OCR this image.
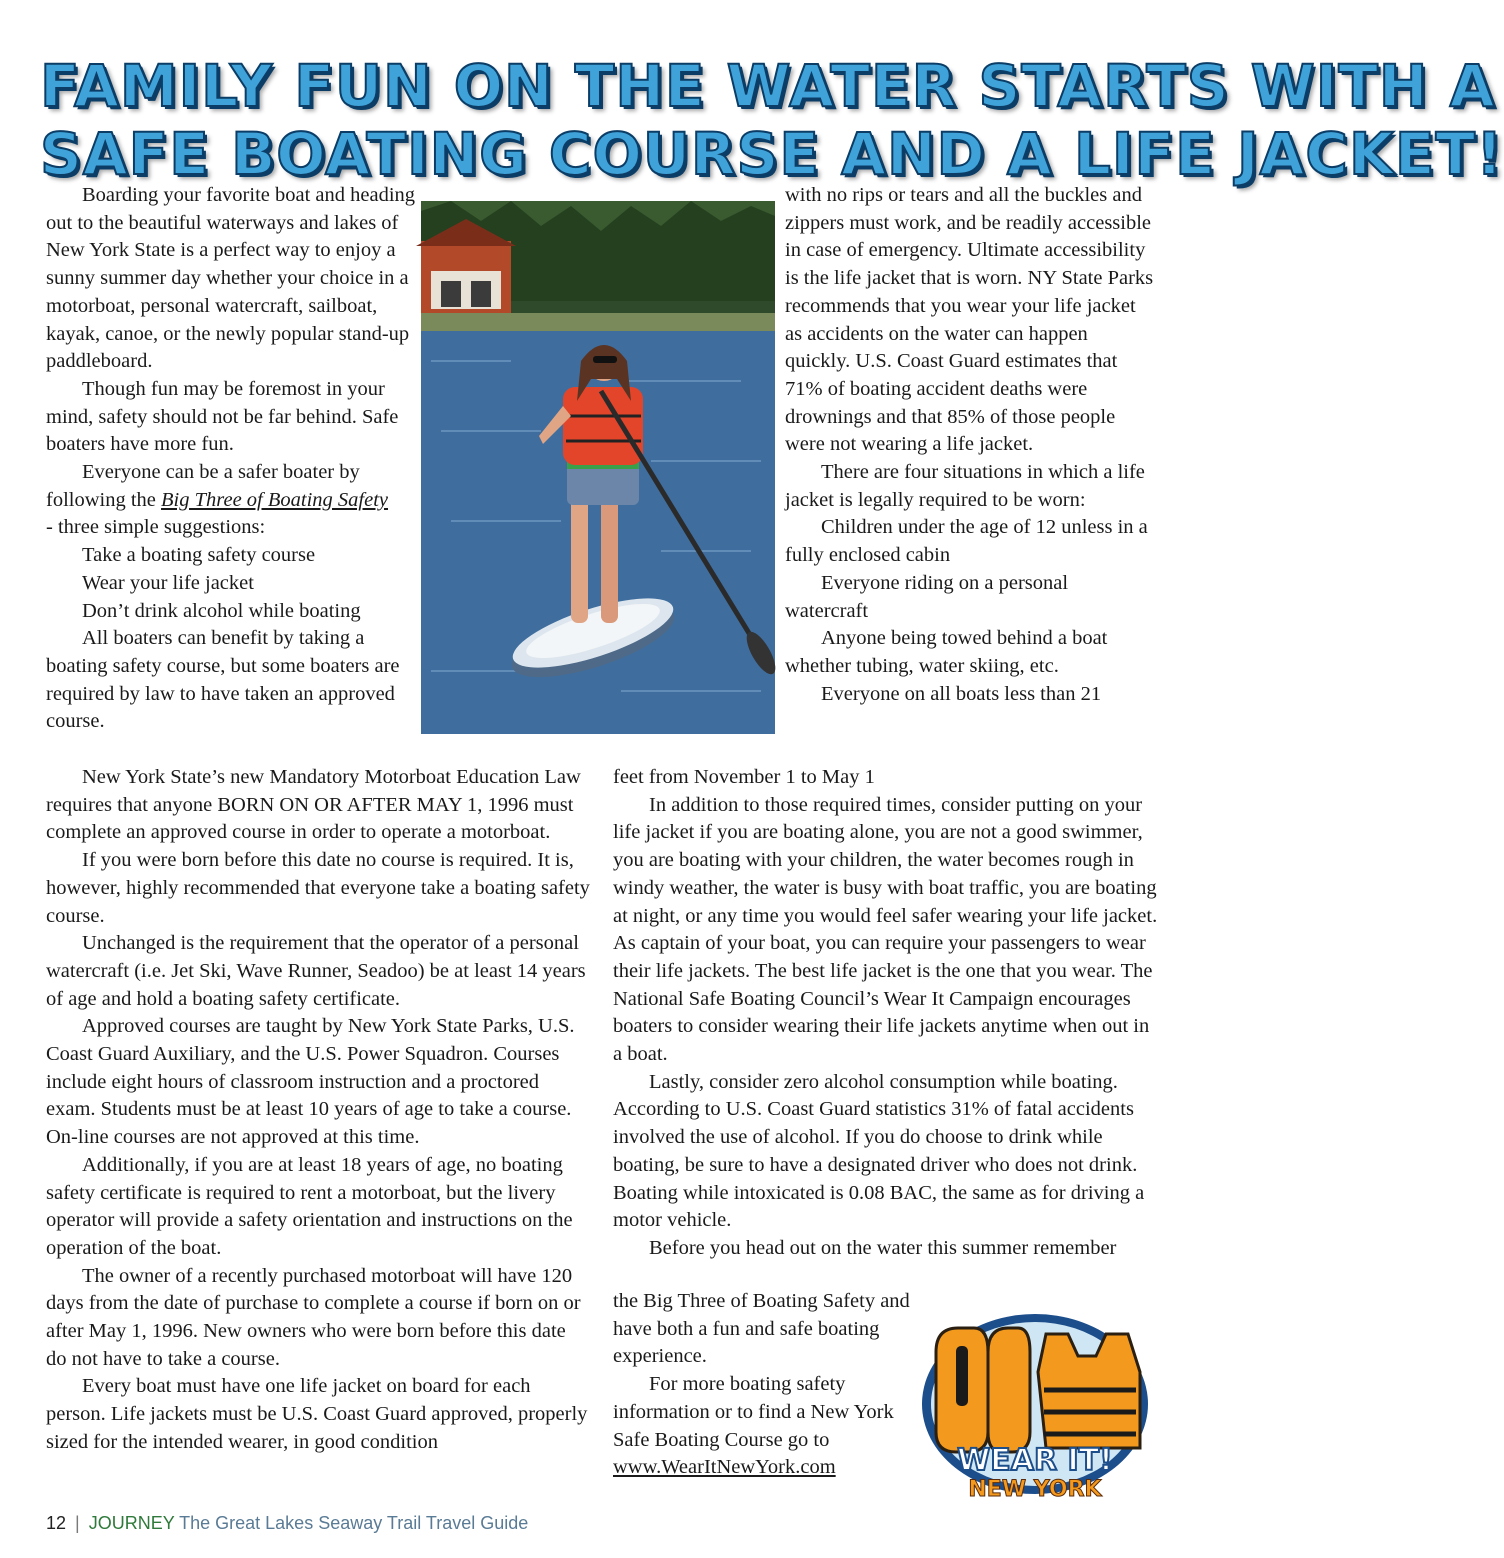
FAMILY FUN ON THE WATER STARTS WITH A
SAFE BOATING COURSE AND A LIFE JACKET!

Boarding your favorite boat and heading out to the beautiful waterways and lakes of New York State is a perfect way to enjoy a sunny summer day whether your choice in a motorboat, personal watercraft, sailboat, kayak, canoe, or the newly popular stand-up paddleboard.

Though fun may be foremost in your mind, safety should not be far behind. Safe boaters have more fun.

Everyone can be a safer boater by following the Big Three of Boating Safety

- three simple suggestions:

Take a boating safety course

Wear your life jacket

Don’t drink alcohol while boating

All boaters can benefit by taking a boating safety course, but some boaters are required by law to have taken an approved course.

with no rips or tears and all the buckles and zippers must work, and be readily accessible in case of emergency. Ultimate accessibility is the life jacket that is worn. NY State Parks recommends that you wear your life jacket as accidents on the water can happen quickly. U.S. Coast Guard estimates that 71% of boating accident deaths were drownings and that 85% of those people were not wearing a life jacket.

There are four situations in which a life jacket is legally required to be worn:

Children under the age of 12 unless in a fully enclosed cabin

Everyone riding on a personal watercraft

Anyone being towed behind a boat whether tubing, water skiing, etc.

Everyone on all boats less than 21

New York State’s new Mandatory Motorboat Education Law requires that anyone BORN ON OR AFTER MAY 1, 1996 must complete an approved course in order to operate a motorboat.

If you were born before this date no course is required. It is, however, highly recommended that everyone take a boating safety course.

Unchanged is the requirement that the operator of a personal watercraft (i.e. Jet Ski, Wave Runner, Seadoo) be at least 14 years of age and hold a boating safety certificate.

Approved courses are taught by New York State Parks, U.S. Coast Guard Auxiliary, and the U.S. Power Squadron. Courses include eight hours of classroom instruction and a proctored exam. Students must be at least 10 years of age to take a course. On-line courses are not approved at this time.

Additionally, if you are at least 18 years of age, no boating safety certificate is required to rent a motorboat, but the livery operator will provide a safety orientation and instructions on the operation of the boat.

The owner of a recently purchased motorboat will have 120 days from the date of purchase to complete a course if born on or after May 1, 1996. New owners who were born before this date do not have to take a course.

Every boat must have one life jacket on board for each person. Life jackets must be U.S. Coast Guard approved, properly sized for the intended wearer, in good condition

feet from November 1 to May 1

In addition to those required times, consider putting on your life jacket if you are boating alone, you are not a good swimmer, you are boating with your children, the water becomes rough in windy weather, the water is busy with boat traffic, you are boating at night, or any time you would feel safer wearing your life jacket. As captain of your boat, you can require your passengers to wear their life jackets. The best life jacket is the one that you wear. The National Safe Boating Council’s Wear It Campaign encourages boaters to consider wearing their life jackets anytime when out in a boat.

Lastly, consider zero alcohol consumption while boating. According to U.S. Coast Guard statistics 31% of fatal accidents involved the use of alcohol. If you do choose to drink while boating, be sure to have a designated driver who does not drink. Boating while intoxicated is 0.08 BAC, the same as for driving a motor vehicle.

Before you head out on the water this summer remember

the Big Three of Boating Safety and have both a fun and safe boating experience.

For more boating safety information or to find a New York Safe Boating Course go to

www.WearItNewYork.com	WEAR IT!
NEW YORK
12 | JOURNEY The Great Lakes Seaway Trail Travel Guide
